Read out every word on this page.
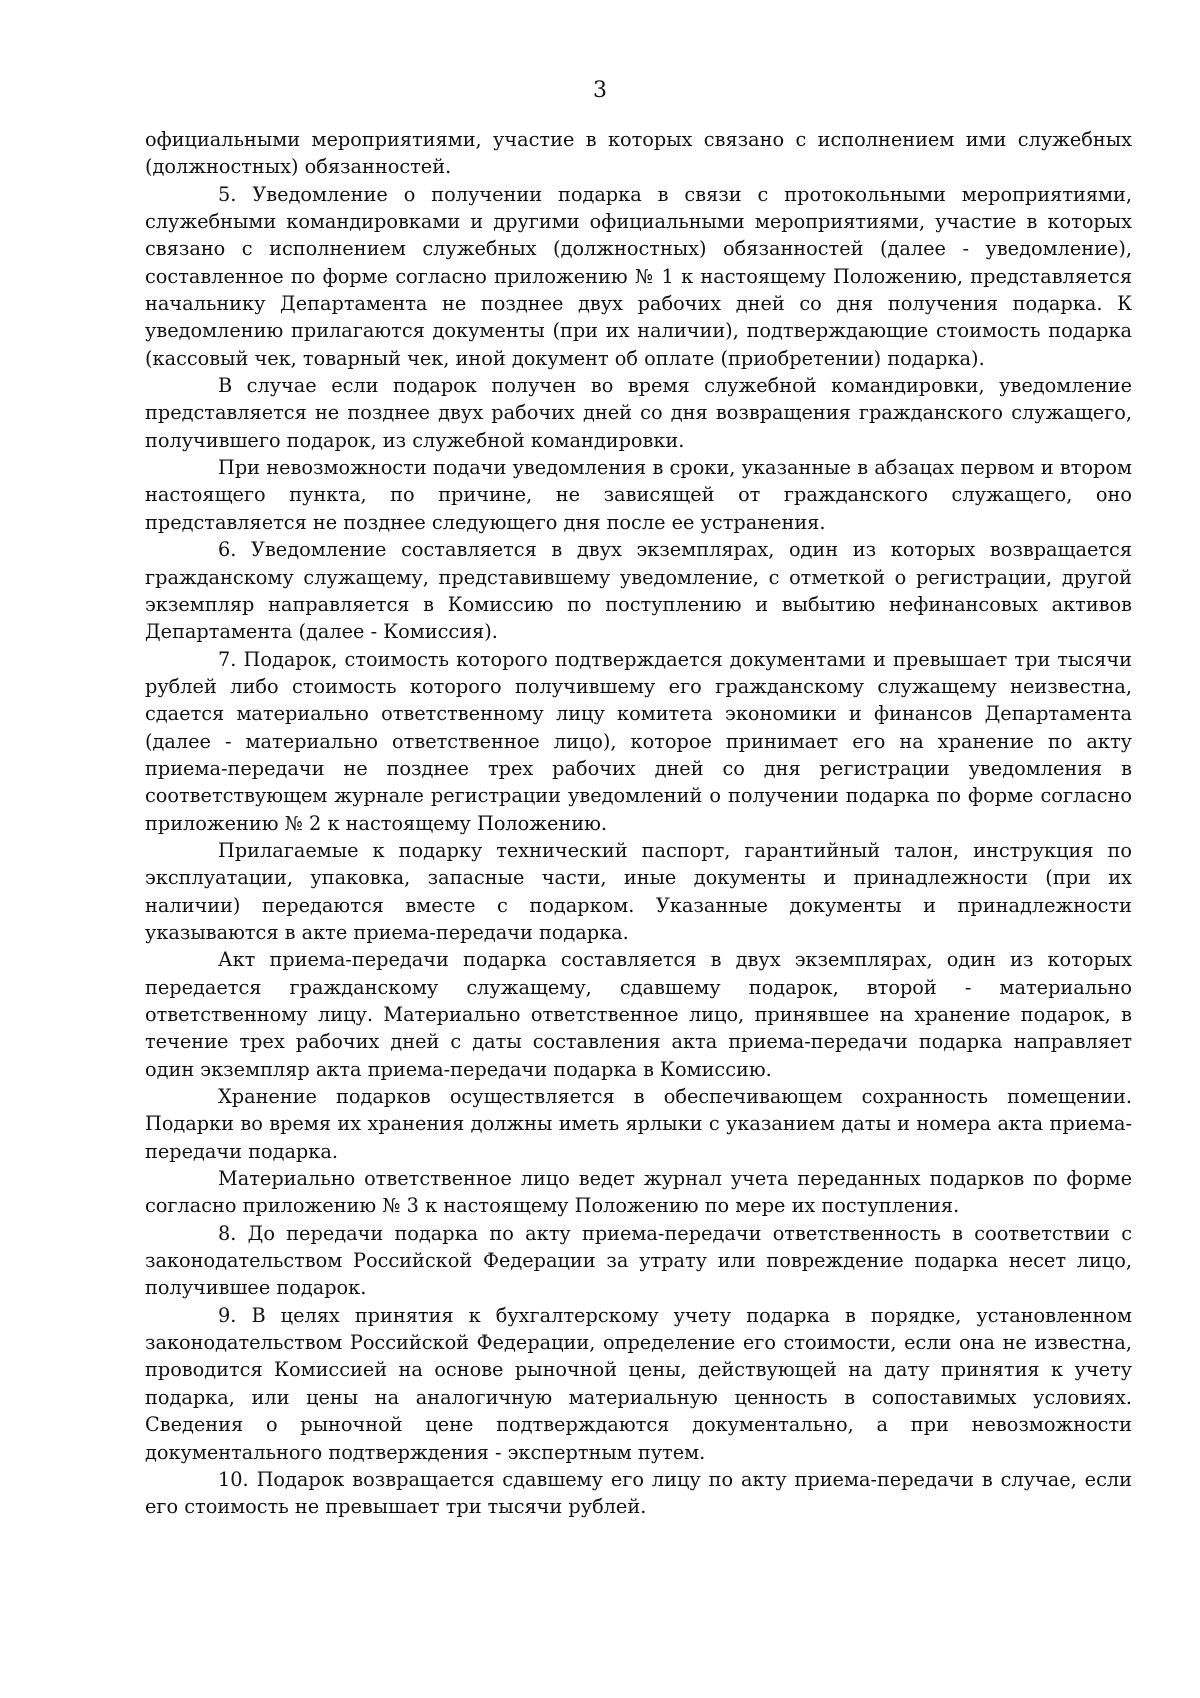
3

официальными мероприятиями, участие в которых связано с исполнением ими служебных (должностных) обязанностей.

5. Уведомление о получении подарка в связи с протокольными мероприятиями, служебными командировками и другими официальными мероприятиями, участие в которых связано с исполнением служебных (должностных) обязанностей (далее - уведомление), составленное по форме согласно приложению № 1 к настоящему Положению, представляется начальнику Департамента не позднее двух рабочих дней со дня получения подарка. К уведомлению прилагаются документы (при их наличии), подтверждающие стоимость подарка (кассовый чек, товарный чек, иной документ об оплате (приобретении) подарка).

В случае если подарок получен во время служебной командировки, уведомление представляется не позднее двух рабочих дней со дня возвращения гражданского служащего, получившего подарок, из служебной командировки.

При невозможности подачи уведомления в сроки, указанные в абзацах первом и втором настоящего пункта, по причине, не зависящей от гражданского служащего, оно представляется не позднее следующего дня после ее устранения.

6. Уведомление составляется в двух экземплярах, один из которых возвращается гражданскому служащему, представившему уведомление, с отметкой о регистрации, другой экземпляр направляется в Комиссию по поступлению и выбытию нефинансовых активов Департамента (далее - Комиссия).

7. Подарок, стоимость которого подтверждается документами и превышает три тысячи рублей либо стоимость которого получившему его гражданскому служащему неизвестна, сдается материально ответственному лицу комитета экономики и финансов Департамента (далее - материально ответственное лицо), которое принимает его на хранение по акту приема-передачи не позднее трех рабочих дней со дня регистрации уведомления в соответствующем журнале регистрации уведомлений о получении подарка по форме согласно приложению № 2 к настоящему Положению.

Прилагаемые к подарку технический паспорт, гарантийный талон, инструкция по эксплуатации, упаковка, запасные части, иные документы и принадлежности (при их наличии) передаются вместе с подарком. Указанные документы и принадлежности указываются в акте приема-передачи подарка.

Акт приема-передачи подарка составляется в двух экземплярах, один из которых передается гражданскому служащему, сдавшему подарок, второй - материально ответственному лицу. Материально ответственное лицо, принявшее на хранение подарок, в течение трех рабочих дней с даты составления акта приема-передачи подарка направляет один экземпляр акта приема-передачи подарка в Комиссию.

Хранение подарков осуществляется в обеспечивающем сохранность помещении. Подарки во время их хранения должны иметь ярлыки с указанием даты и номера акта приема-передачи подарка.

Материально ответственное лицо ведет журнал учета переданных подарков по форме согласно приложению № 3 к настоящему Положению по мере их поступления.

8. До передачи подарка по акту приема-передачи ответственность в соответствии с законодательством Российской Федерации за утрату или повреждение подарка несет лицо, получившее подарок.

9. В целях принятия к бухгалтерскому учету подарка в порядке, установленном законодательством Российской Федерации, определение его стоимости, если она не известна, проводится Комиссией на основе рыночной цены, действующей на дату принятия к учету подарка, или цены на аналогичную материальную ценность в сопоставимых условиях. Сведения о рыночной цене подтверждаются документально, а при невозможности документального подтверждения - экспертным путем.

10. Подарок возвращается сдавшему его лицу по акту приема-передачи в случае, если его стоимость не превышает три тысячи рублей.
